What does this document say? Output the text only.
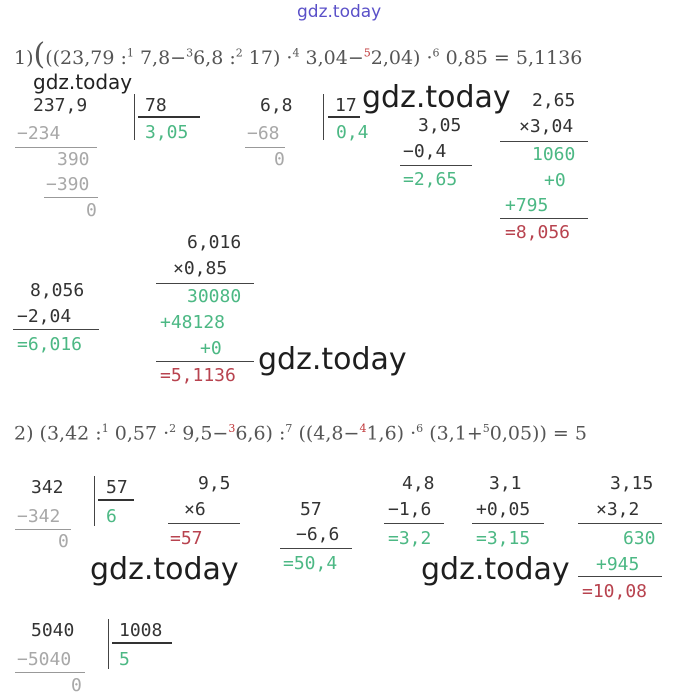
gdz.today
1)(((23,79 :$^1$ 7,8−$^3$6,8 :$^2$ 17) ·$^4$ 3,04−$^5$2,04) ·$^6$ 0,85 = 5,1136
gdz.today
237,9	78
3,05
−234
390
−390
0
6,8 17
0,4
−68
0
gdz.today
3,05
−0,4
=2,65
2,65
×3,04
1060
+0
+795
=8,056
8,056
−2,04
=6,016
6,016
×0,85
30080
+48128
+0
=5,1136 gdz.today
2) (3,42 :$^1$ 0,57 ·$^2$ 9,5−$^3$6,6) :$^7$ ((4,8−$^4$1,6) ·$^6$ (3,1+$^5$0,05)) = 5
342 57
6
−342
0
9,5
×6
=57
57
−6,6
=50,4
4,8
−1,6
=3,2
3,1
+0,05
=3,15
3,15
×3,2
630
+945
=10,08
gdz.today	gdz.today
5040 1008
5
−5040
0
